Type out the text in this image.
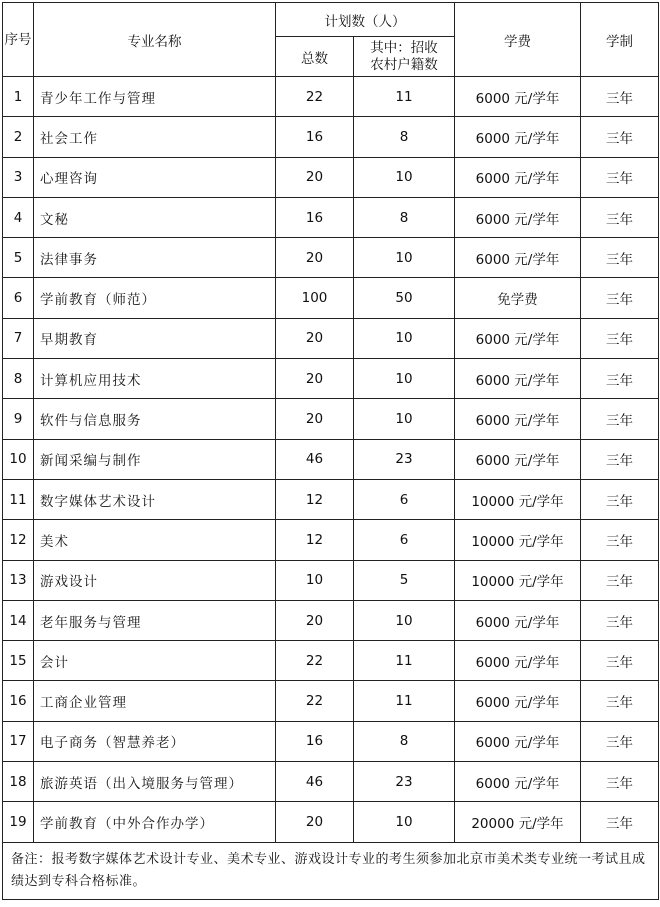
序号	专业名称	计划数（人）		学费	学制
		总数	其中：招收
农村户籍数		

1	青少年工作与管理	22	11	6000 元/学年	三年
2	社会工作	16	8	6000 元/学年	三年
3	心理咨询	20	10	6000 元/学年	三年
4	文秘	16	8	6000 元/学年	三年
5	法律事务	20	10	6000 元/学年	三年
6	学前教育（师范）	100	50	免学费	三年
7	早期教育	20	10	6000 元/学年	三年
8	计算机应用技术	20	10	6000 元/学年	三年
9	软件与信息服务	20	10	6000 元/学年	三年
10	新闻采编与制作	46	23	6000 元/学年	三年
11	数字媒体艺术设计	12	6	10000 元/学年	三年
12	美术	12	6	10000 元/学年	三年
13	游戏设计	10	5	10000 元/学年	三年
14	老年服务与管理	20	10	6000 元/学年	三年
15	会计	22	11	6000 元/学年	三年
16	工商企业管理	22	11	6000 元/学年	三年
17	电子商务（智慧养老）	16	8	6000 元/学年	三年
18	旅游英语（出入境服务与管理）	46	23	6000 元/学年	三年
19	学前教育（中外合作办学）	20	10	20000 元/学年	三年
备注：报考数字媒体艺术设计专业、美术专业、游戏设计专业的考生须参加北京市美术类专业统一考试且成绩达到专科合格标准。					
